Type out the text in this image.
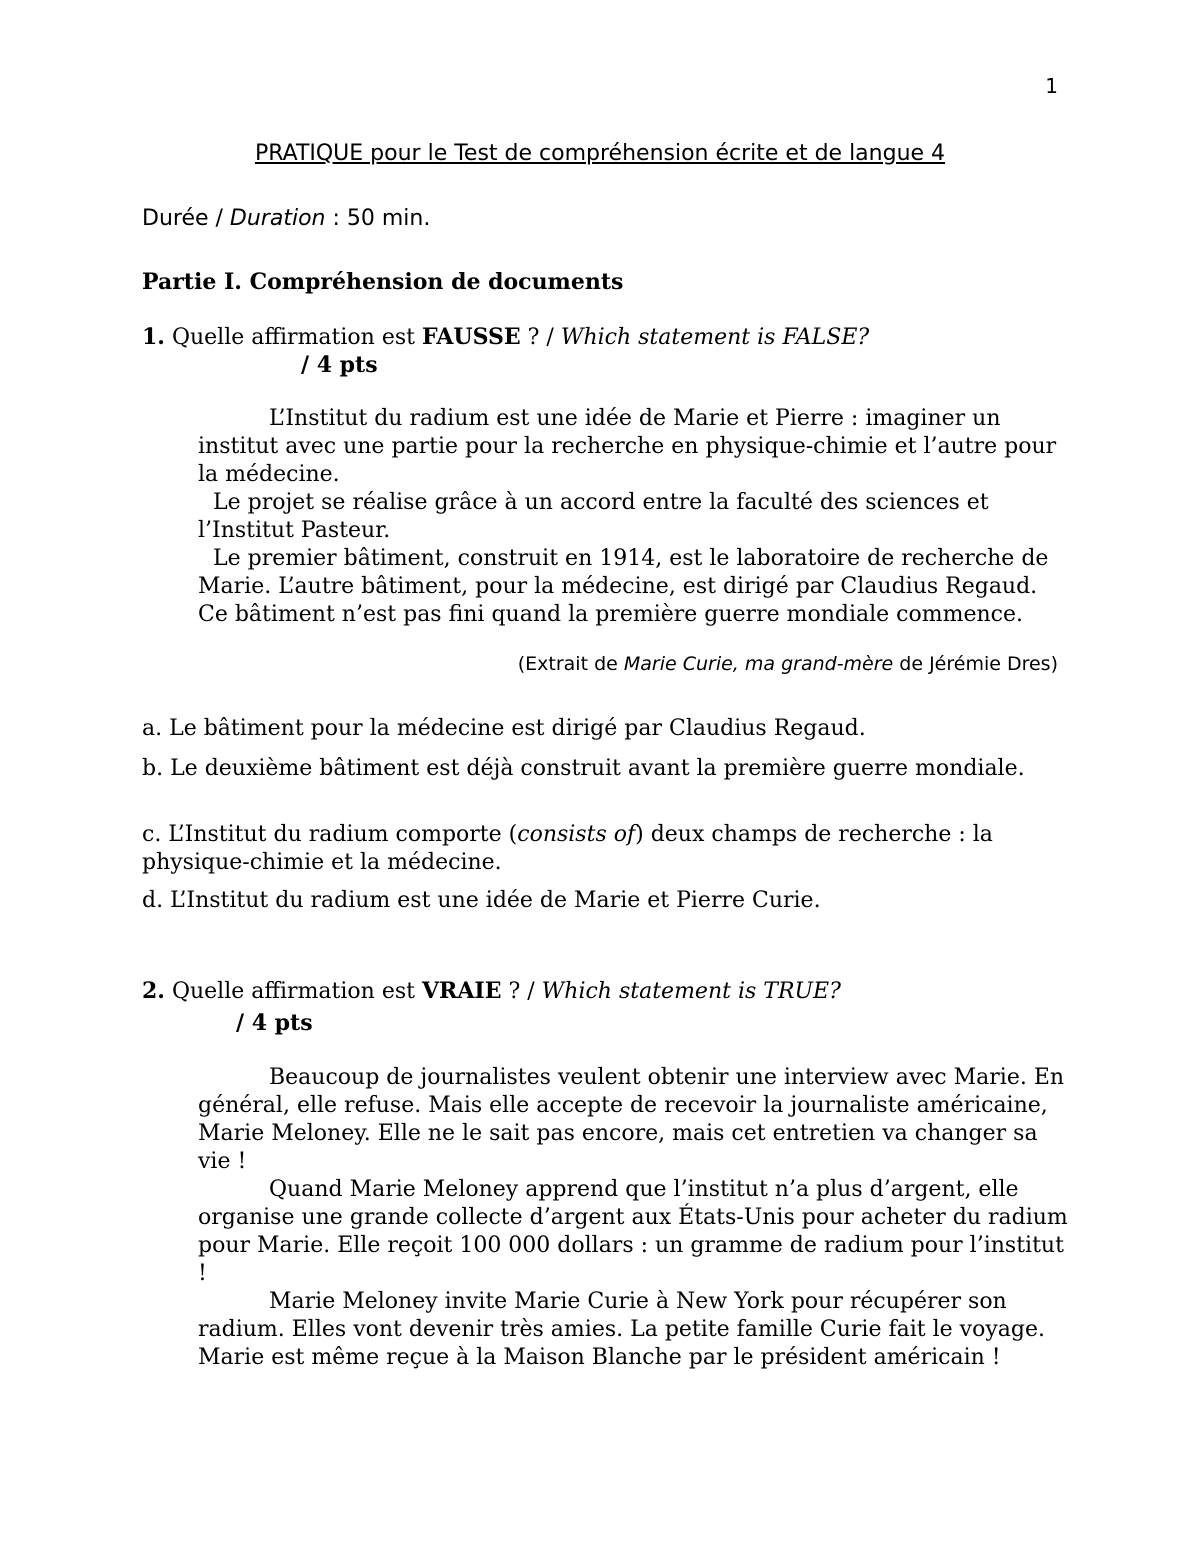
1
PRATIQUE pour le Test de compréhension écrite et de langue 4
Durée / Duration : 50 min.
Partie I. Compréhension de documents
1. Quelle affirmation est FAUSSE ? / Which statement is FALSE?
/ 4 pts

L’Institut du radium est une idée de Marie et Pierre : imaginer un institut avec une partie pour la recherche en physique-chimie et l’autre pour la médecine.

Le projet se réalise grâce à un accord entre la faculté des sciences et l’Institut Pasteur.

Le premier bâtiment, construit en 1914, est le laboratoire de recherche de Marie. L’autre bâtiment, pour la médecine, est dirigé par Claudius Regaud. Ce bâtiment n’est pas fini quand la première guerre mondiale commence.

(Extrait de Marie Curie, ma grand-mère de Jérémie Dres)
a. Le bâtiment pour la médecine est dirigé par Claudius Regaud.
b. Le deuxième bâtiment est déjà construit avant la première guerre mondiale.
c. L’Institut du radium comporte (consists of) deux champs de recherche : la physique-chimie et la médecine.
d. L’Institut du radium est une idée de Marie et Pierre Curie.
2. Quelle affirmation est VRAIE ? / Which statement is TRUE?
/ 4 pts

Beaucoup de journalistes veulent obtenir une interview avec Marie. En général, elle refuse. Mais elle accepte de recevoir la journaliste américaine, Marie Meloney. Elle ne le sait pas encore, mais cet entretien va changer sa vie !

Quand Marie Meloney apprend que l’institut n’a plus d’argent, elle organise une grande collecte d’argent aux États-Unis pour acheter du radium pour Marie. Elle reçoit 100 000 dollars : un gramme de radium pour l’institut !

Marie Meloney invite Marie Curie à New York pour récupérer son radium. Elles vont devenir très amies. La petite famille Curie fait le voyage. Marie est même reçue à la Maison Blanche par le président américain !
